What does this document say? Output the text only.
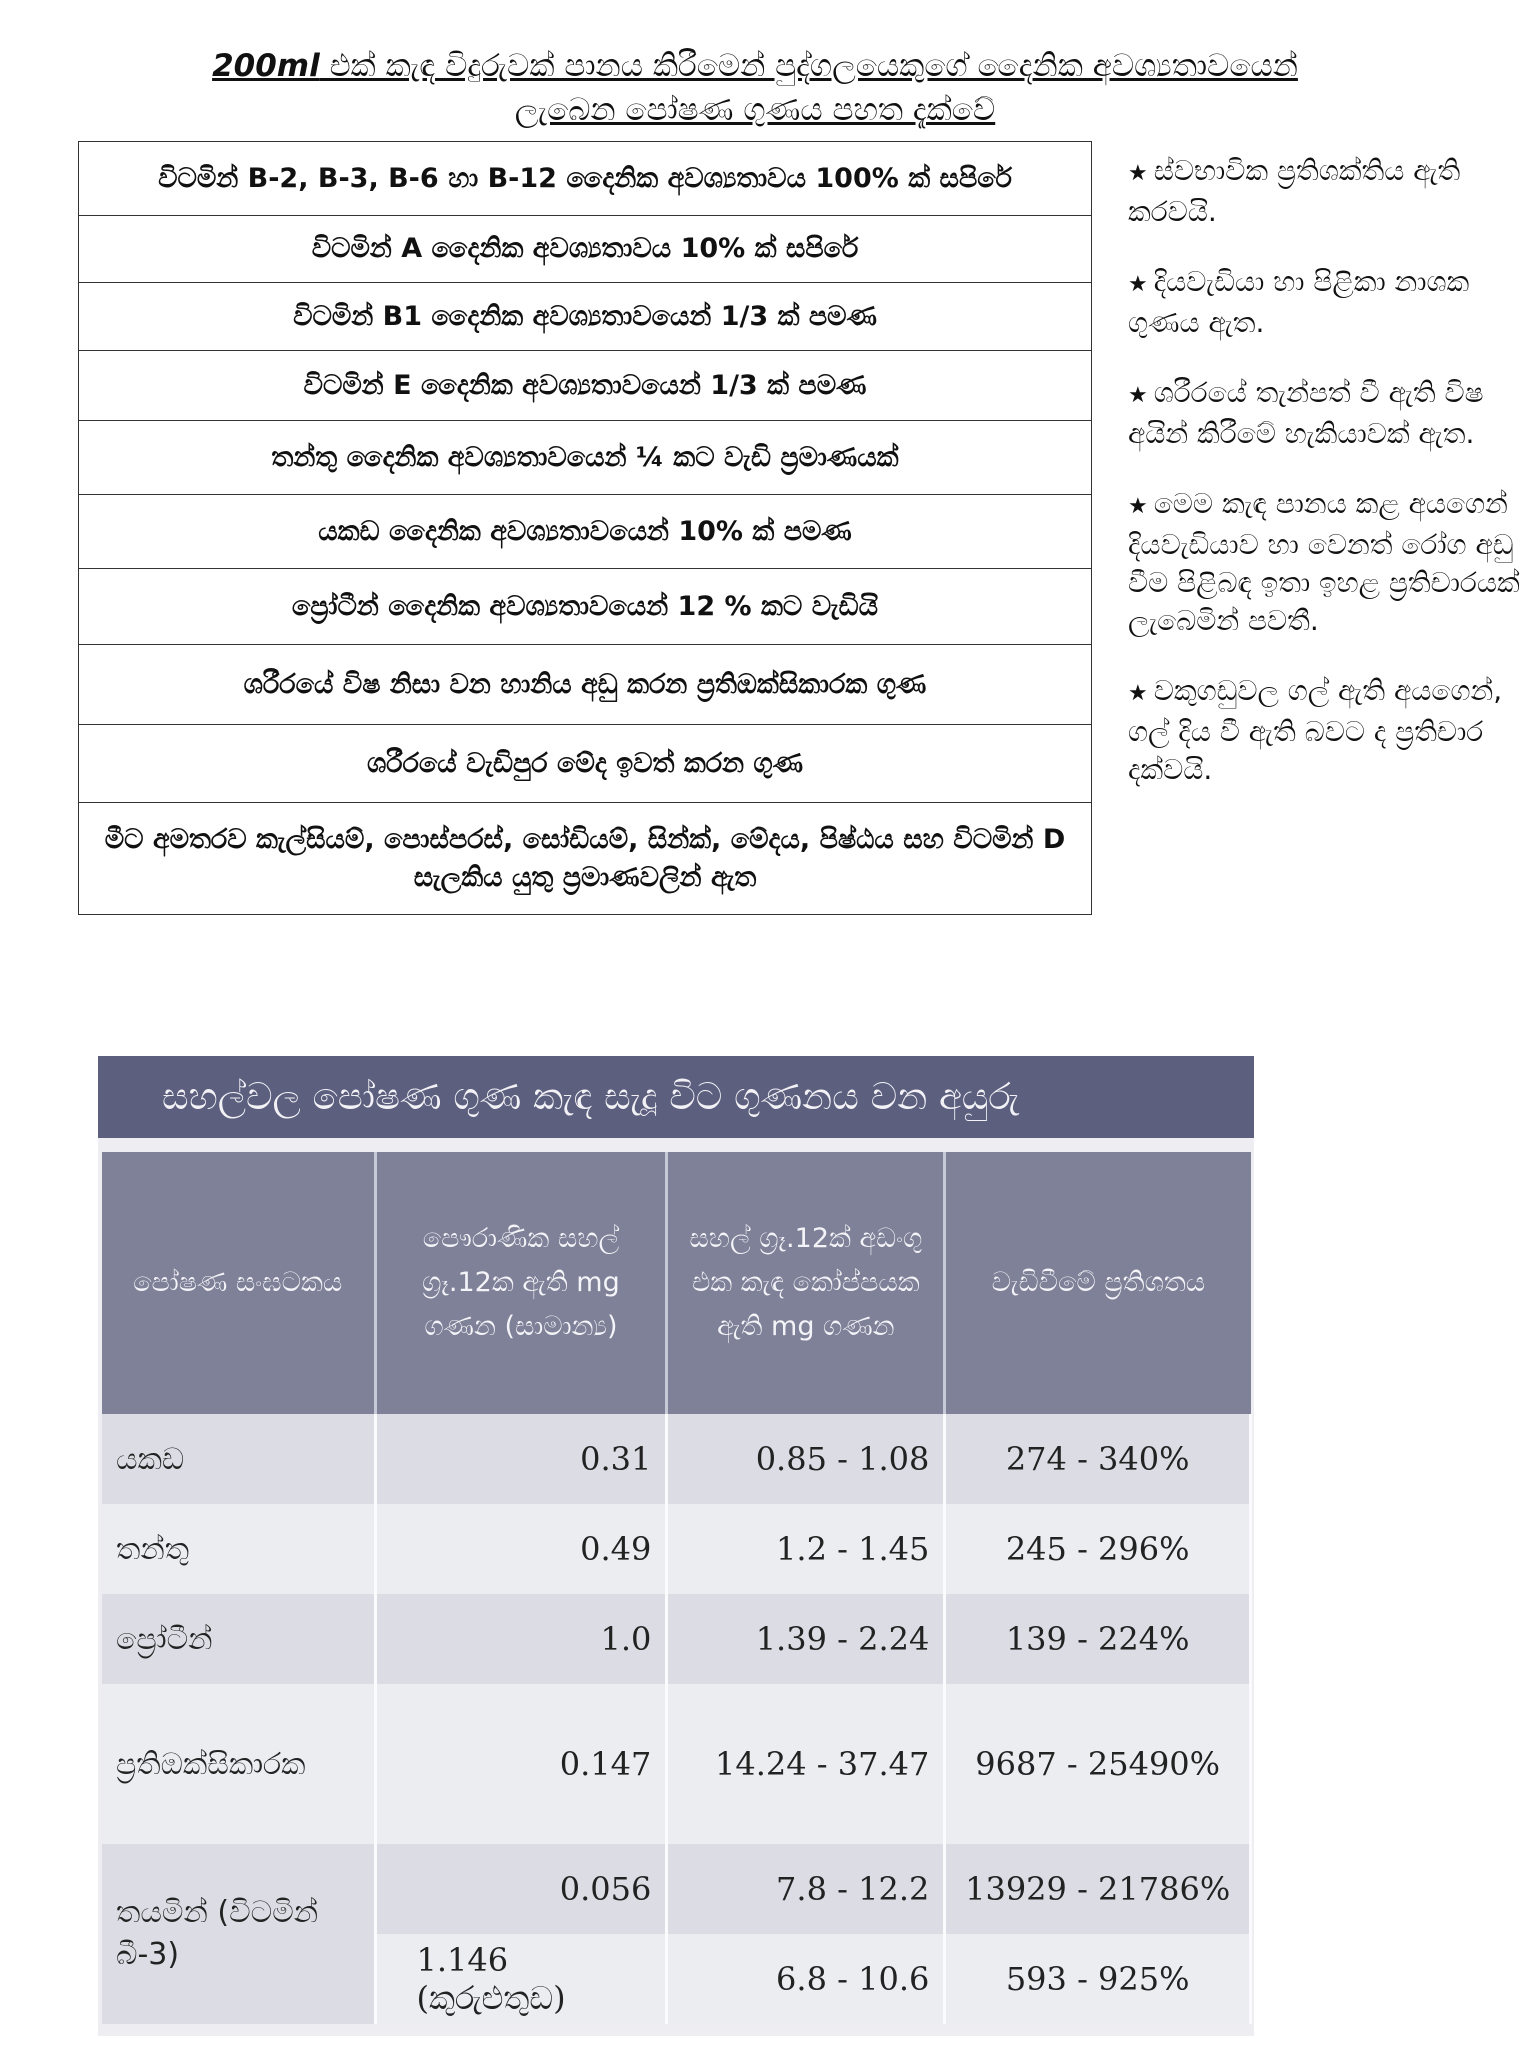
200ml එක් කැඳ විදුරුවක් පානය කිරීමෙන් පුද්ගලයෙකුගේ දෛනික අවශ්‍යතාවයෙන්
ලැබෙන පෝෂණ ගුණය පහත දැක්වේ
විටමින් B-2, B-3, B-6 හා B-12 දෛනික අවශ්‍යතාවය 100% ක් සපිරේ
විටමින් A දෛනික අවශ්‍යතාවය 10% ක් සපිරේ
විටමින් B1 දෛනික අවශ්‍යතාවයෙන් 1/3 ක් පමණ
විටමින් E දෛනික අවශ්‍යතාවයෙන් 1/3 ක් පමණ
තන්තු දෛනික අවශ්‍යතාවයෙන් ¼ කට වැඩි ප්‍රමාණයක්
යකඩ දෛනික අවශ්‍යතාවයෙන් 10% ක් පමණ
ප්‍රෝටීන් දෛනික අවශ්‍යතාවයෙන් 12 % කට වැඩියි
ශරීරයේ විෂ නිසා වන හානිය අඩු කරන ප්‍රතිඔක්සිකාරක ගුණ
ශරීරයේ වැඩිපුර මේද ඉවත් කරන ගුණ
මීට අමතරව කැල්සියම්, පොස්පරස්, සෝඩියම්, සින්ක්, මේදය, පිෂ්ඨය සහ විටමින් D සැලකිය යුතු ප්‍රමාණවලින් ඇත
★ ස්වභාවික ප්‍රතිශක්තිය ඇති කරවයි.
★ දියවැඩියා හා පිළිකා නාශක ගුණය ඇත.
★ ශරීරයේ තැන්පත් වී ඇති විෂ අයින් කිරීමේ හැකියාවක් ඇත.
★ මෙම කැඳ පානය කළ අයගෙන් දියවැඩියාව හා වෙනත් රෝග අඩු වීම පිළිබඳ ඉතා ඉහළ ප්‍රතිචාරයක් ලැබෙමින් පවතී.
★ වකුගඩුවල ගල් ඇති අයගෙන්, ගල් දිය වී ඇති බවට ද ප්‍රතිචාර දක්වයි.
සහල්වල පෝෂණ ගුණ කැඳ සැදූ විට ගුණනය වන අයුරු
පෝෂණ සංඝටකය	පෞරාණික සහල් ග්‍රෑ.12ක ඇති mg ගණන (සාමාන්‍ය)	සහල් ග්‍රෑ.12ක් අඩංගු එක කැඳ කෝප්පයක ඇති mg ගණන	වැඩිවීමේ ප්‍රතිශතය
යකඩ	0.31	0.85 - 1.08	274 - 340%
තන්තු	0.49	1.2 - 1.45	245 - 296%
ප්‍රෝටීන්	1.0	1.39 - 2.24	139 - 224%
ප්‍රතිඔක්සිකාරක	0.147	14.24 - 37.47	9687 - 25490%
තයමින් (විටමින් බී-3)	0.056	7.8 - 12.2	13929 - 21786%
	1.146 (කුරුළුතුඩ)	6.8 - 10.6	593 - 925%
